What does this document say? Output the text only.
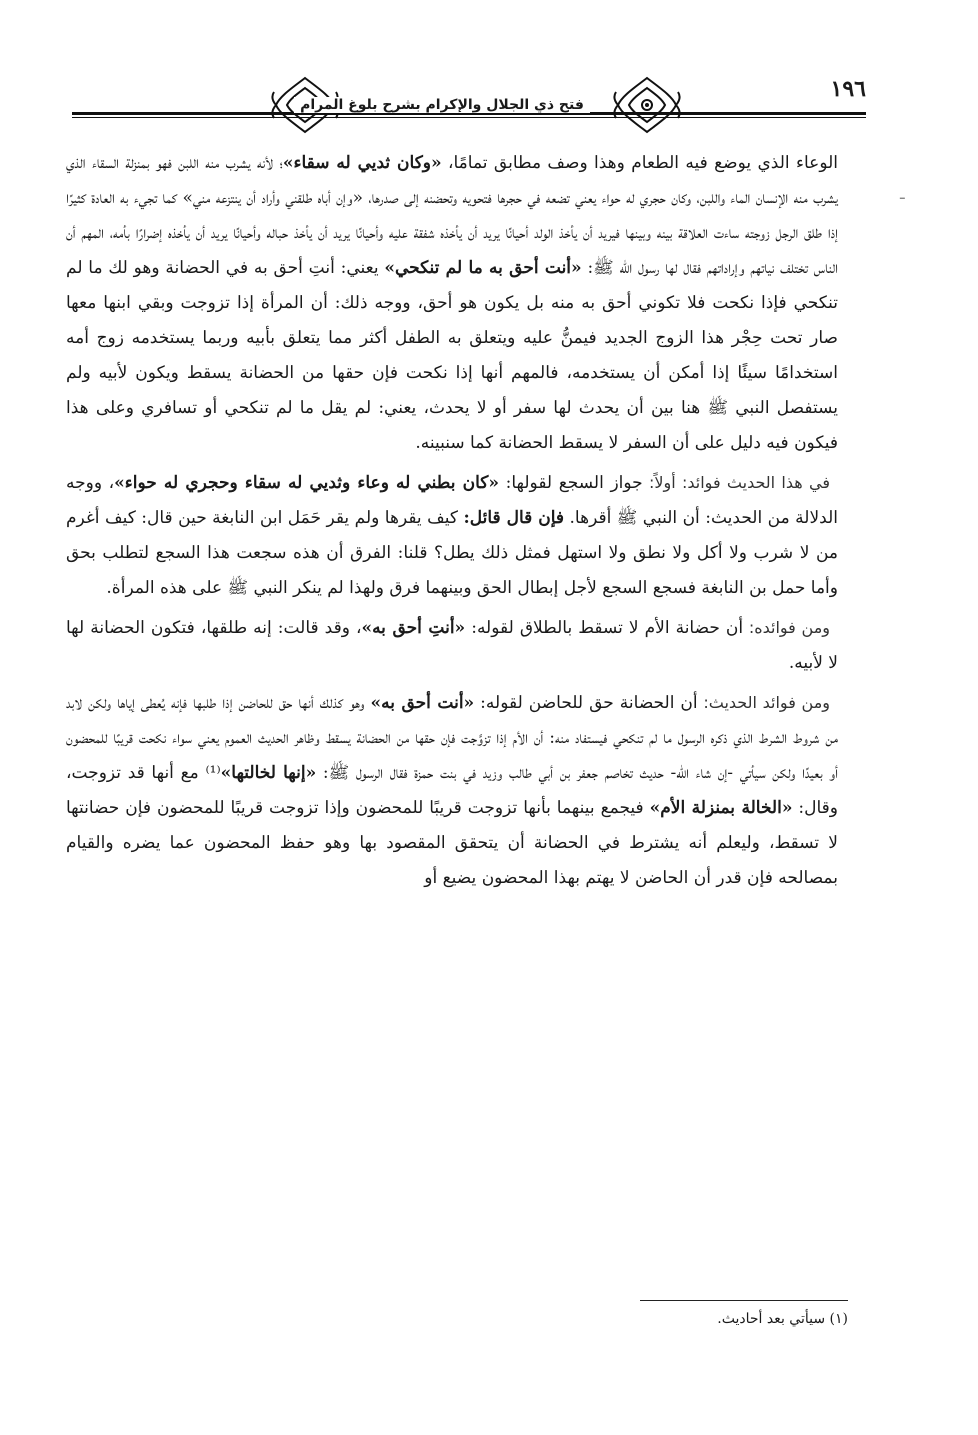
١٩٦
فتح ذي الجلال والإكرام بشرح بلوغ المرام

الوعاء الذي يوضع فيه الطعام وهذا وصف مطابق تمامًا، «وكان ثديي له سقاء»؛ لأنه يشرب منه اللبن فهو بمنزلة السقاء الذي يشرب منه الإنسان الماء واللبن، وكان حجري له حواء يعني تضعه في حجرها فتحويه وتحضنه إلى صدرها، «وإن أباه طلقني وأراد أن ينتزعه مني» كما تجيء به العادة كثيرًا إذا طلق الرجل زوجته ساءت العلاقة بينه وبينها فيريد أن يأخذ الولد أحيانًا يريد أن يأخذه شفقة عليه وأحيانًا يريد أن يأخذ حباله وأحيانًا يريد أن يأخذه إضرارًا بأمه، المهم أن الناس تختلف نياتهم وإراداتهم فقال لها رسول الله ﷺ: «أنت أحق به ما لم تنكحي» يعني: أنتِ أحق به في الحضانة وهو لك ما لم تنكحي فإذا نكحت فلا تكوني أحق به منه بل يكون هو أحق، ووجه ذلك: أن المرأة إذا تزوجت وبقي ابنها معها صار تحت حِجْر هذا الزوج الجديد فيمنُّ عليه ويتعلق به الطفل أكثر مما يتعلق بأبيه وربما يستخدمه زوج أمه استخدامًا سيئًا إذا أمكن أن يستخدمه، فالمهم أنها إذا نكحت فإن حقها من الحضانة يسقط ويكون لأبيه ولم يستفصل النبي ﷺ هنا بين أن يحدث لها سفر أو لا يحدث، يعني: لم يقل ما لم تنكحي أو تسافري وعلى هذا فيكون فيه دليل على أن السفر لا يسقط الحضانة كما سنبينه.

في هذا الحديث فوائد: أولاً: جواز السجع لقولها: «كان بطني له وعاء وثديي له سقاء وحجري له حواء»، ووجه الدلالة من الحديث: أن النبي ﷺ أقرها. فإن قال قائل: كيف يقرها ولم يقر حَمَل ابن النابغة حين قال: كيف أغرم من لا شرب ولا أكل ولا نطق ولا استهل فمثل ذلك يطل؟ قلنا: الفرق أن هذه سجعت هذا السجع لتطلب بحق وأما حمل بن النابغة فسجع السجع لأجل إبطال الحق وبينهما فرق ولهذا لم ينكر النبي ﷺ على هذه المرأة.

ومن فوائده: أن حضانة الأم لا تسقط بالطلاق لقوله: «أنتِ أحق به»، وقد قالت: إنه طلقها، فتكون الحضانة لها لا لأبيه.

ومن فوائد الحديث: أن الحضانة حق للحاضن لقوله: «أنت أحق به» وهو كذلك أنها حق للحاضن إذا طلبها فإنه يُعطى إياها ولكن لابد من شروط الشرط الذي ذكره الرسول ما لم تنكحي فيستفاد منه: أن الأم إذا تزوَّجت فإن حقها من الحضانة يسقط وظاهر الحديث العموم يعني سواء نكحت قريبًا للمحضون أو بعيدًا ولكن سيأتي -إن شاء الله- حديث تخاصم جعفر بن أبي طالب وزيد في بنت حمزة فقال الرسول ﷺ: «إنها لخالتها»⁽¹⁾ مع أنها قد تزوجت، وقال: «الخالة بمنزلة الأم» فيجمع بينهما بأنها تزوجت قريبًا للمحضون وإذا تزوجت قريبًا للمحضون فإن حضانتها لا تسقط، وليعلم أنه يشترط في الحضانة أن يتحقق المقصود بها وهو حفظ المحضون عما يضره والقيام بمصالحه فإن قدر أن الحاضن لا يهتم بهذا المحضون يضيع أو

ـ
(١) سيأتي بعد أحاديث.
